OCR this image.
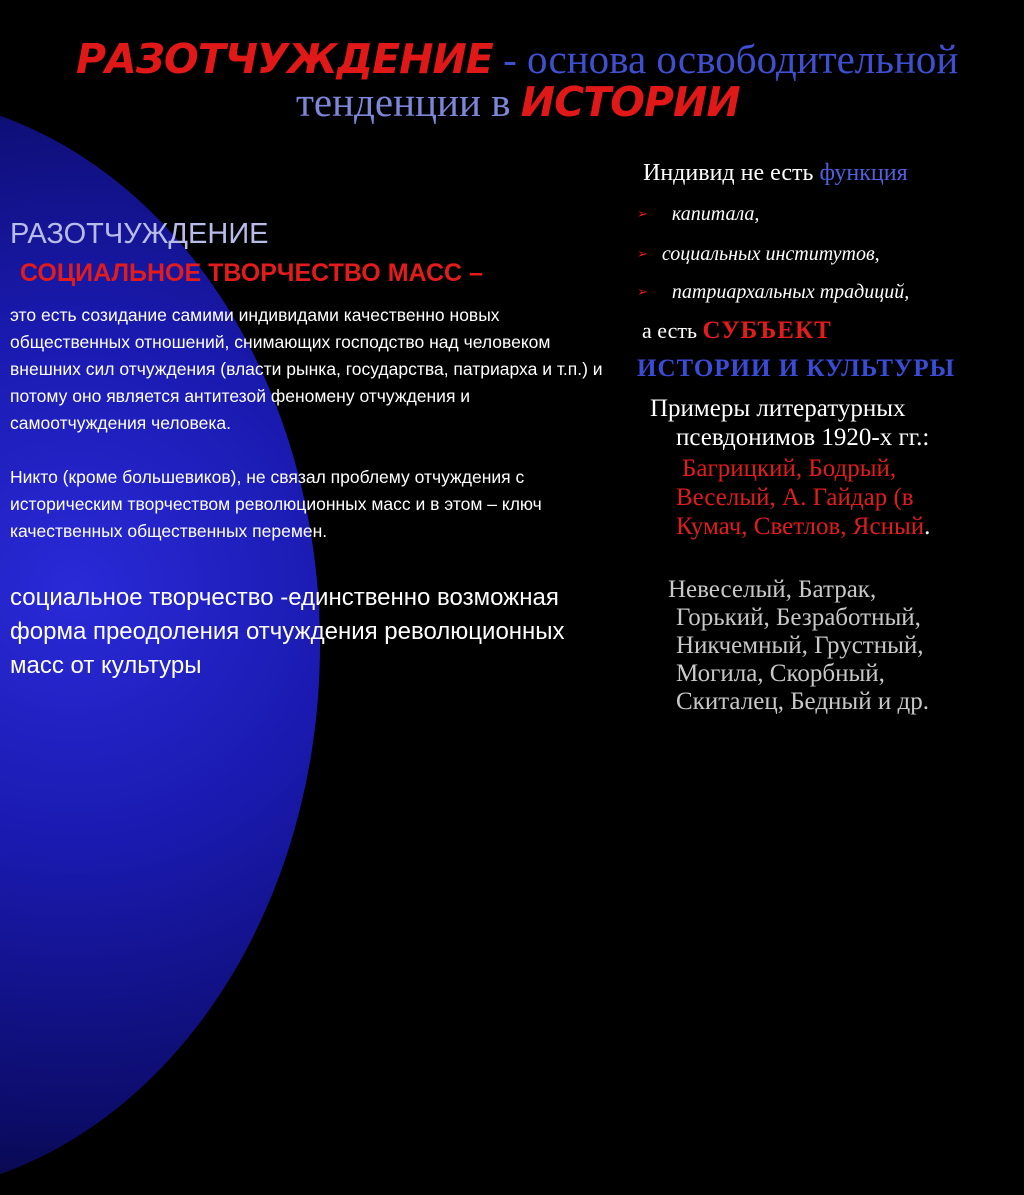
РАЗОТЧУЖДЕНИЕ - основа освободительной
тенденции в ИСТОРИИ
РАЗОТЧУЖДЕНИЕ
СОЦИАЛЬНОЕ ТВОРЧЕСТВО МАСС –

это есть созидание самими индивидами качественно новых общественных отношений, снимающих господство над человеком внешних сил отчуждения (власти рынка, государства, патриарха и т.п.) и потому оно является антитезой феномену отчуждения и самоотчуждения человека.

Никто (кроме большевиков), не связал проблему отчуждения с историческим творчеством революционных масс и в этом – ключ качественных общественных перемен.

социальное творчество -единственно возможная форма преодоления отчуждения революционных масс от культуры
Индивид не есть функция
➢ капитала,
➢ социальных институтов,
➢ патриархальных традиций,
а есть СУБЪЕКТ
ИСТОРИИ И КУЛЬТУРЫ
Примеры литературных
псевдонимов 1920-х гг.:
Багрицкий, Бодрый,
Веселый, А. Гайдар (в
Кумач, Светлов, Ясный.
Невеселый, Батрак,
Горький, Безработный,
Никчемный, Грустный,
Могила, Скорбный,
Скиталец, Бедный и др.
